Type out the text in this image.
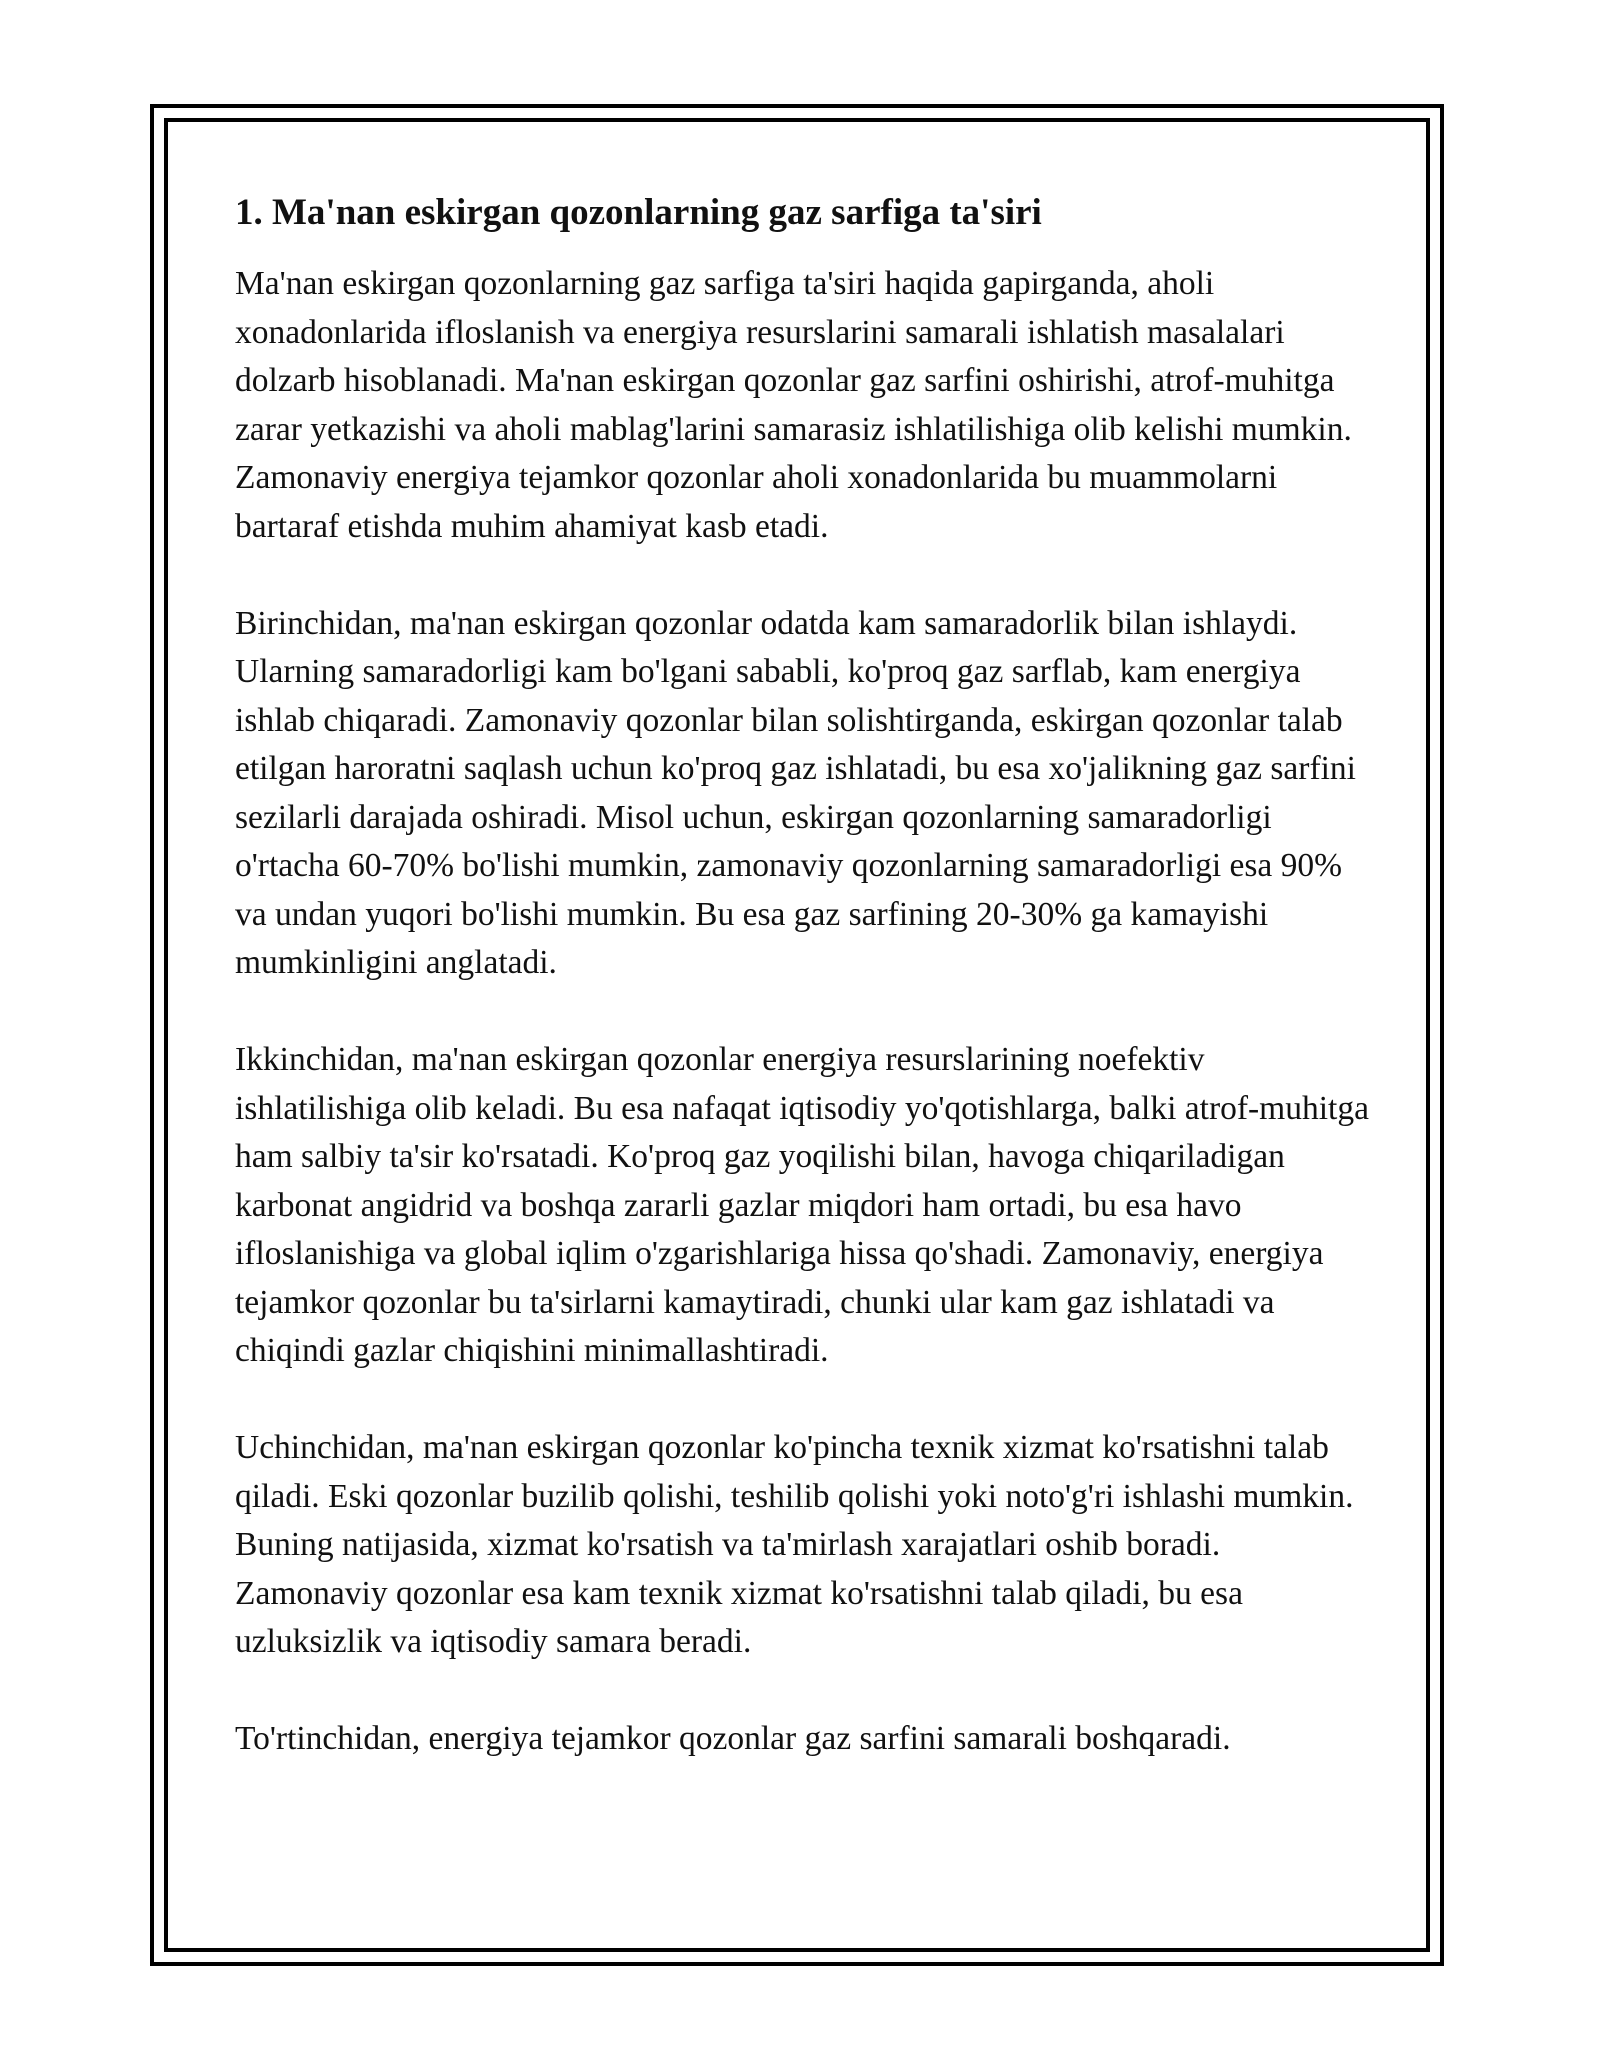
1. Ma'nan eskirgan qozonlarning gaz sarfiga ta'siri

Ma'nan eskirgan qozonlarning gaz sarfiga ta'siri haqida gapirganda, aholi xonadonlarida ifloslanish va energiya resurslarini samarali ishlatish masalalari dolzarb hisoblanadi. Ma'nan eskirgan qozonlar gaz sarfini oshirishi, atrof-muhitga zarar yetkazishi va aholi mablag'larini samarasiz ishlatilishiga olib kelishi mumkin. Zamonaviy energiya tejamkor qozonlar aholi xonadonlarida bu muammolarni bartaraf etishda muhim ahamiyat kasb etadi.

Birinchidan, ma'nan eskirgan qozonlar odatda kam samaradorlik bilan ishlaydi. Ularning samaradorligi kam bo'lgani sababli, ko'proq gaz sarflab, kam energiya ishlab chiqaradi. Zamonaviy qozonlar bilan solishtirganda, eskirgan qozonlar talab etilgan haroratni saqlash uchun ko'proq gaz ishlatadi, bu esa xo'jalikning gaz sarfini sezilarli darajada oshiradi. Misol uchun, eskirgan qozonlarning samaradorligi o'rtacha 60-70% bo'lishi mumkin, zamonaviy qozonlarning samaradorligi esa 90% va undan yuqori bo'lishi mumkin. Bu esa gaz sarfining 20-30% ga kamayishi mumkinligini anglatadi.

Ikkinchidan, ma'nan eskirgan qozonlar energiya resurslarining noefektiv ishlatilishiga olib keladi. Bu esa nafaqat iqtisodiy yo'qotishlarga, balki atrof-muhitga ham salbiy ta'sir ko'rsatadi. Ko'proq gaz yoqilishi bilan, havoga chiqariladigan karbonat angidrid va boshqa zararli gazlar miqdori ham ortadi, bu esa havo ifloslanishiga va global iqlim o'zgarishlariga hissa qo'shadi. Zamonaviy, energiya tejamkor qozonlar bu ta'sirlarni kamaytiradi, chunki ular kam gaz ishlatadi va chiqindi gazlar chiqishini minimallashtiradi.

Uchinchidan, ma'nan eskirgan qozonlar ko'pincha texnik xizmat ko'rsatishni talab qiladi. Eski qozonlar buzilib qolishi, teshilib qolishi yoki noto'g'ri ishlashi mumkin. Buning natijasida, xizmat ko'rsatish va ta'mirlash xarajatlari oshib boradi. Zamonaviy qozonlar esa kam texnik xizmat ko'rsatishni talab qiladi, bu esa uzluksizlik va iqtisodiy samara beradi.

To'rtinchidan, energiya tejamkor qozonlar gaz sarfini samarali boshqaradi.
